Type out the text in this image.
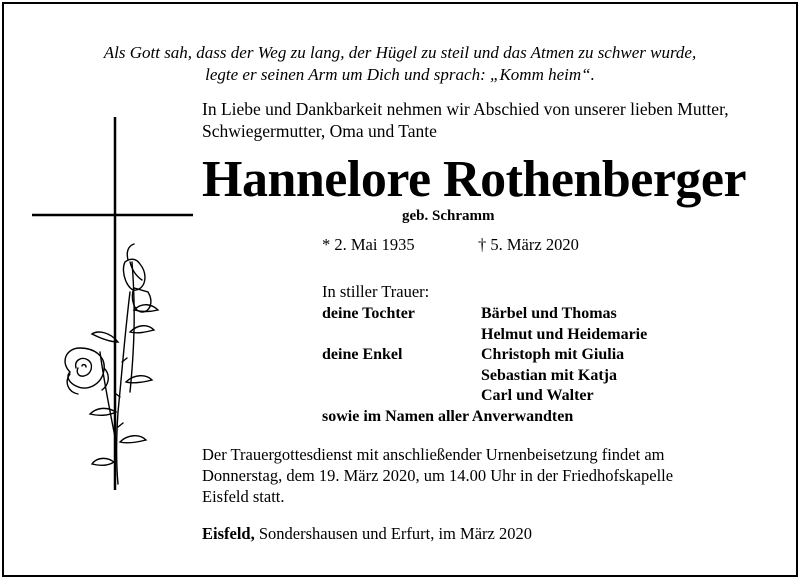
Als Gott sah, dass der Weg zu lang, der Hügel zu steil und das Atmen zu schwer wurde,
legte er seinen Arm um Dich und sprach: „Komm heim“.
In Liebe und Dankbarkeit nehmen wir Abschied von unserer lieben Mutter,
Schwiegermutter, Oma und Tante
Hannelore Rothenberger
geb. Schramm
* 2. Mai 1935	† 5. März 2020
In stiller Trauer:
deine Tochter	Bärbel und Thomas
Helmut und Heidemarie
deine Enkel	Christoph mit Giulia
Sebastian mit Katja
Carl und Walter
sowie im Namen aller Anverwandten
Der Trauergottesdienst mit anschließender Urnenbeisetzung findet am
Donnerstag, dem 19. März 2020, um 14.00 Uhr in der Friedhofskapelle
Eisfeld statt.
Eisfeld, Sondershausen und Erfurt, im März 2020
